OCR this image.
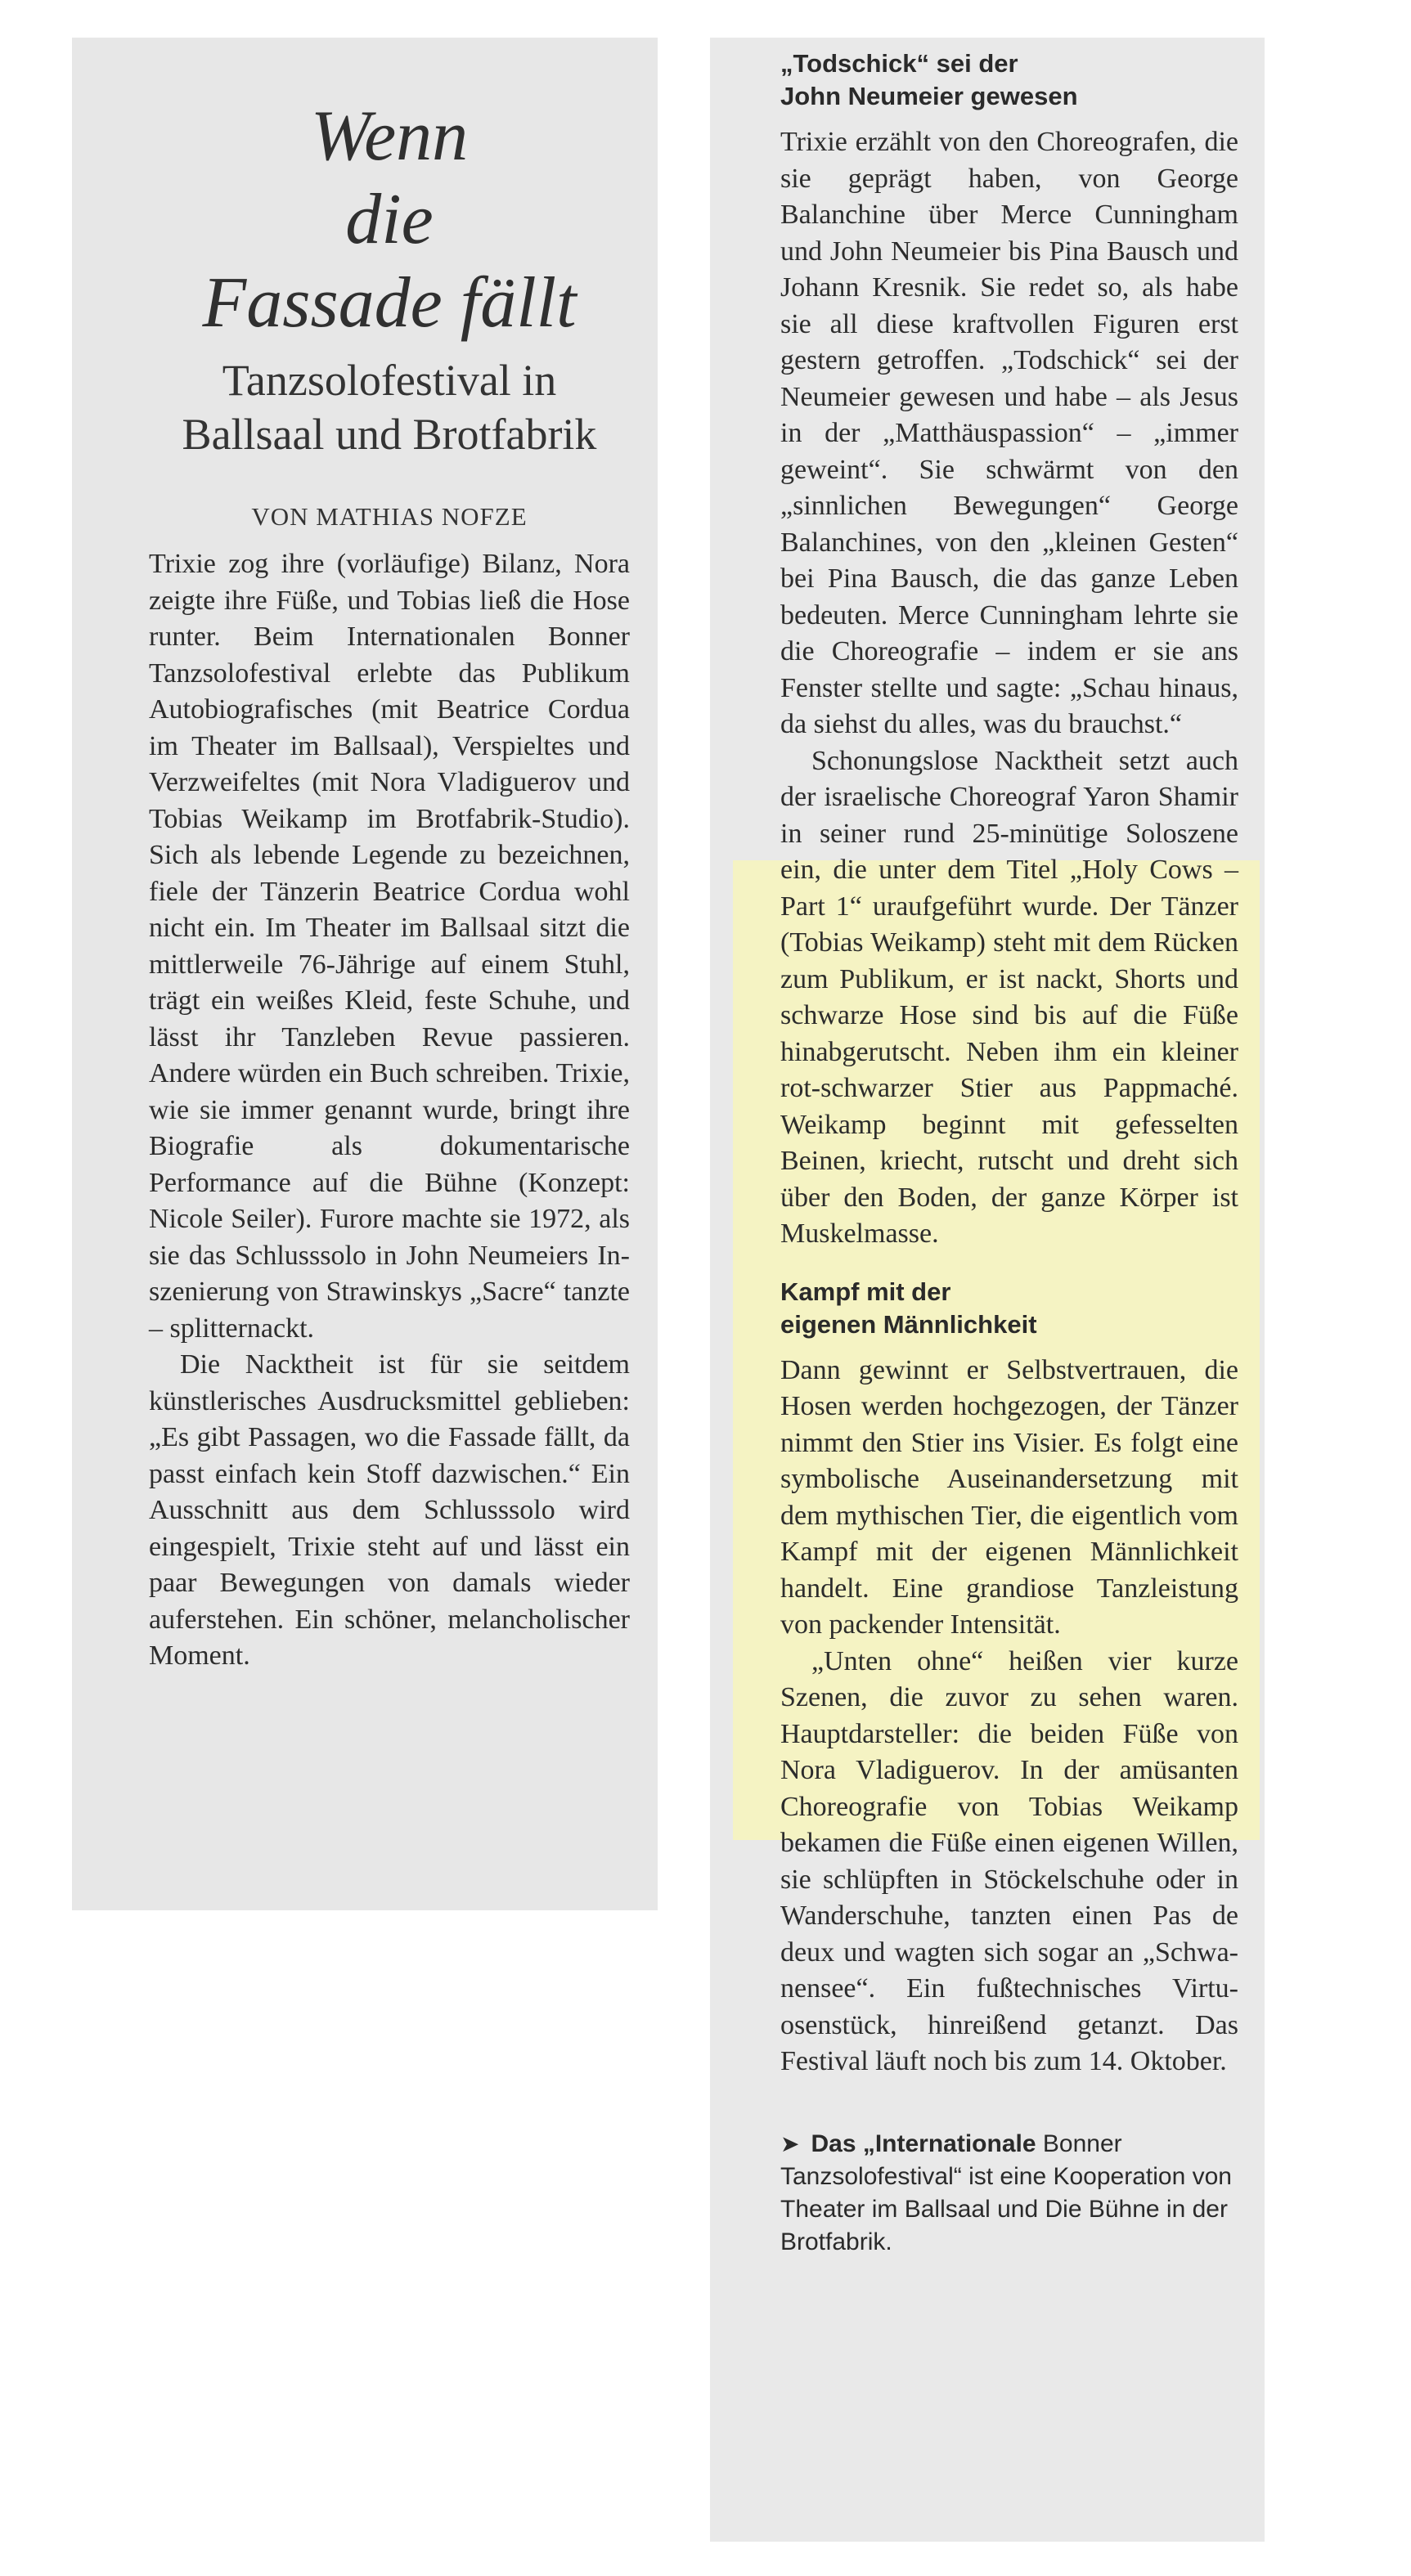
Wenn
die
Fassade fällt
Tanzsolofestival in
Ballsaal und Brotfabrik
VON MATHIAS NOFZE

Trixie zog ihre (vorläufige) Bilanz, Nora zeigte ihre Füße, und Tobias ließ die Hose runter. Beim Internationalen Bonner Tanzsolofestival erlebte das Publikum Autobiografisches (mit Beatrice Cordua im Theater im Ballsaal), Verspieltes und Verzweifeltes (mit Nora Vladiguerov und Tobias Weikamp im Brotfabrik-Studio). Sich als lebende Legende zu bezeichnen, fiele der Tänzerin Beatrice Cordua wohl nicht ein. Im Theater im Ballsaal sitzt die mittlerweile 76-Jährige auf einem Stuhl, trägt ein weißes Kleid, feste Schuhe, und lässt ihr Tanzleben Revue passieren. Andere würden ein Buch schreiben. Trixie, wie sie immer genannt wurde, bringt ihre Biografie als dokumentarische Performance auf die Bühne (Konzept: Nicole Seiler). Furore machte sie 1972, als sie das Schlusssolo in John Neumeiers Inszenierung von Strawinskys „Sacre“ tanzte – splitternackt.

Die Nacktheit ist für sie seitdem künstlerisches Ausdrucksmittel geblieben: „Es gibt Passagen, wo die Fassade fällt, da passt einfach kein Stoff dazwischen.“ Ein Ausschnitt aus dem Schlusssolo wird eingespielt, Trixie steht auf und lässt ein paar Bewegungen von damals wieder auferstehen. Ein schöner, melancholischer Moment.

„Todschick“ sei der
John Neumeier gewesen

Trixie erzählt von den Choreografen, die sie geprägt haben, von George Balanchine über Merce Cunningham und John Neumeier bis Pina Bausch und Johann Kresnik. Sie redet so, als habe sie all diese kraftvollen Figuren erst gestern getroffen. „Todschick“ sei der Neumeier gewesen und habe – als Jesus in der „Matthäuspassion“ – „immer geweint“. Sie schwärmt von den „sinnlichen Bewegungen“ George Balanchines, von den „kleinen Gesten“ bei Pina Bausch, die das ganze Leben bedeuten. Merce Cunningham lehrte sie die Choreografie – indem er sie ans Fenster stellte und sagte: „Schau hinaus, da siehst du alles, was du brauchst.“

Schonungslose Nacktheit setzt auch der israelische Choreograf Yaron Shamir in seiner rund 25-minütige Soloszene ein, die unter dem Titel „Holy Cows – Part 1“ uraufgeführt wurde. Der Tänzer (Tobias Weikamp) steht mit dem Rücken zum Publikum, er ist nackt, Shorts und schwarze Hose sind bis auf die Füße hinabgerutscht. Neben ihm ein kleiner rot-schwarzer Stier aus Pappmaché. Weikamp beginnt mit gefesselten Beinen, kriecht, rutscht und dreht sich über den Boden, der ganze Körper ist Muskelmasse.

Kampf mit der
eigenen Männlichkeit

Dann gewinnt er Selbstvertrauen, die Hosen werden hochgezogen, der Tänzer nimmt den Stier ins Visier. Es folgt eine symbolische Auseinandersetzung mit dem mythischen Tier, die eigentlich vom Kampf mit der eigenen Männlichkeit handelt. Eine grandiose Tanzleistung von packender Intensität.

„Unten ohne“ heißen vier kurze Szenen, die zuvor zu sehen waren. Hauptdarsteller: die beiden Füße von Nora Vladiguerov. In der amüsanten Choreografie von Tobias Weikamp bekamen die Füße einen eigenen Willen, sie schlüpften in Stöckelschuhe oder in Wanderschuhe, tanzten einen Pas de deux und wagten sich sogar an „Schwanensee“. Ein fußtechnisches Virtuosenstück, hinreißend getanzt. Das Festival läuft noch bis zum 14. Oktober.

➤ Das „Internationale Bonner Tanzsolofestival“ ist eine Kooperation von Theater im Ballsaal und Die Bühne in der Brotfabrik.
